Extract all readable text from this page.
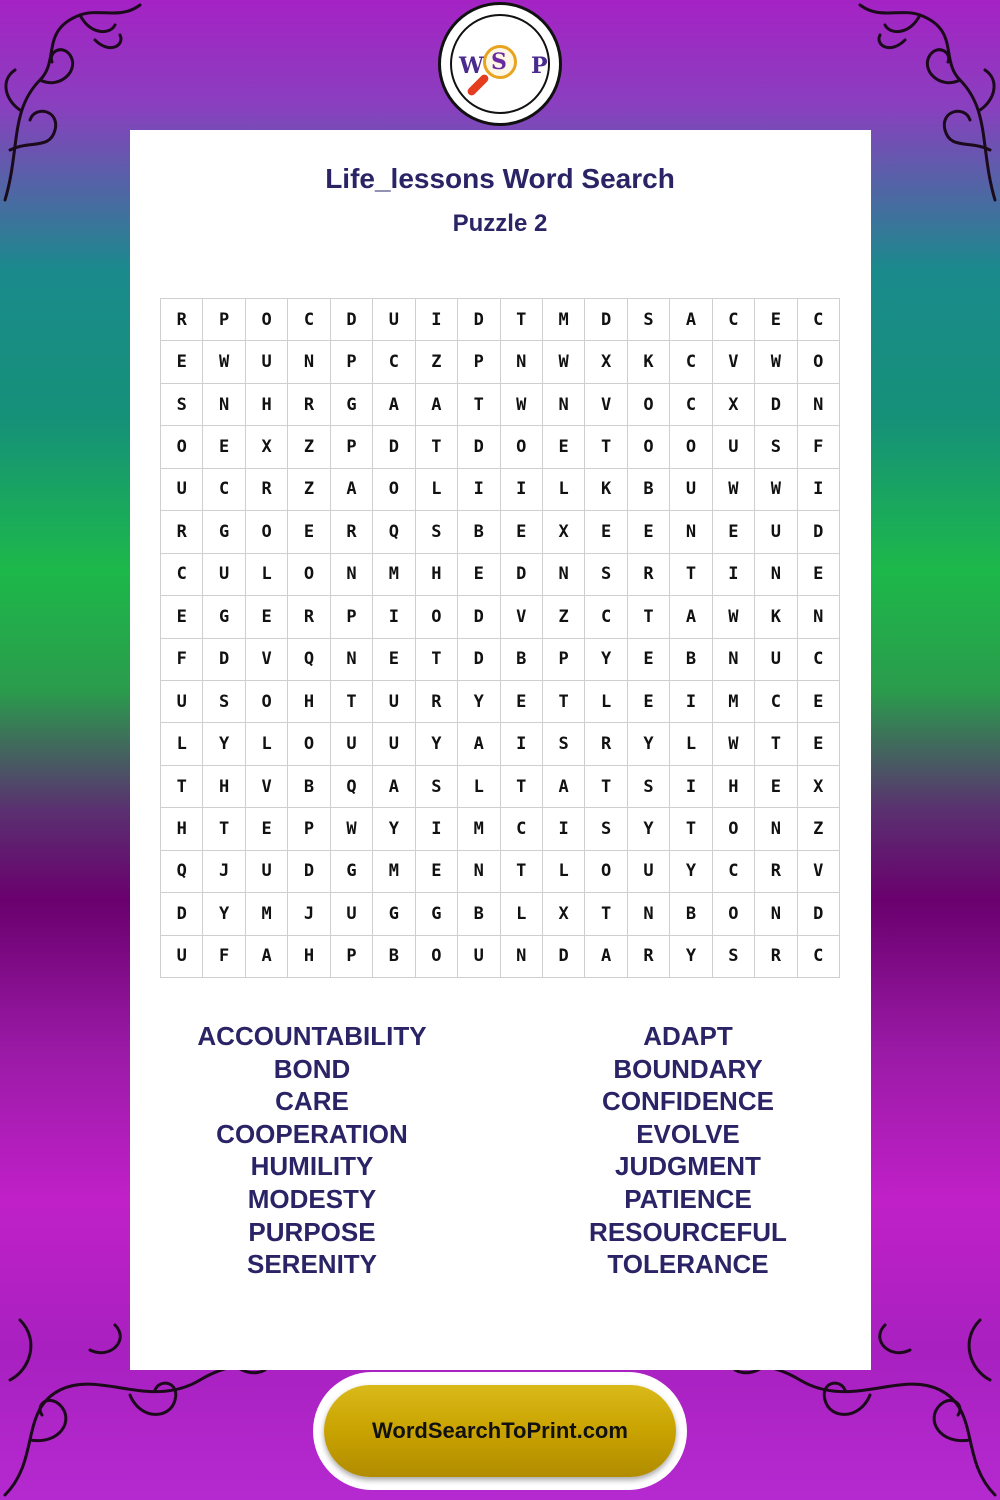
W S P
Life_lessons Word Search
Puzzle 2
R	P	O	C	D	U	I	D	T	M	D	S	A	C	E	C
E	W	U	N	P	C	Z	P	N	W	X	K	C	V	W	O
S	N	H	R	G	A	A	T	W	N	V	O	C	X	D	N
O	E	X	Z	P	D	T	D	O	E	T	O	O	U	S	F
U	C	R	Z	A	O	L	I	I	L	K	B	U	W	W	I
R	G	O	E	R	Q	S	B	E	X	E	E	N	E	U	D
C	U	L	O	N	M	H	E	D	N	S	R	T	I	N	E
E	G	E	R	P	I	O	D	V	Z	C	T	A	W	K	N
F	D	V	Q	N	E	T	D	B	P	Y	E	B	N	U	C
U	S	O	H	T	U	R	Y	E	T	L	E	I	M	C	E
L	Y	L	O	U	U	Y	A	I	S	R	Y	L	W	T	E
T	H	V	B	Q	A	S	L	T	A	T	S	I	H	E	X
H	T	E	P	W	Y	I	M	C	I	S	Y	T	O	N	Z
Q	J	U	D	G	M	E	N	T	L	O	U	Y	C	R	V
D	Y	M	J	U	G	G	B	L	X	T	N	B	O	N	D
U	F	A	H	P	B	O	U	N	D	A	R	Y	S	R	C
ACCOUNTABILITY
BOND
CARE
COOPERATION
HUMILITY
MODESTY
PURPOSE
SERENITY
ADAPT
BOUNDARY
CONFIDENCE
EVOLVE
JUDGMENT
PATIENCE
RESOURCEFUL
TOLERANCE
WordSearchToPrint.com
